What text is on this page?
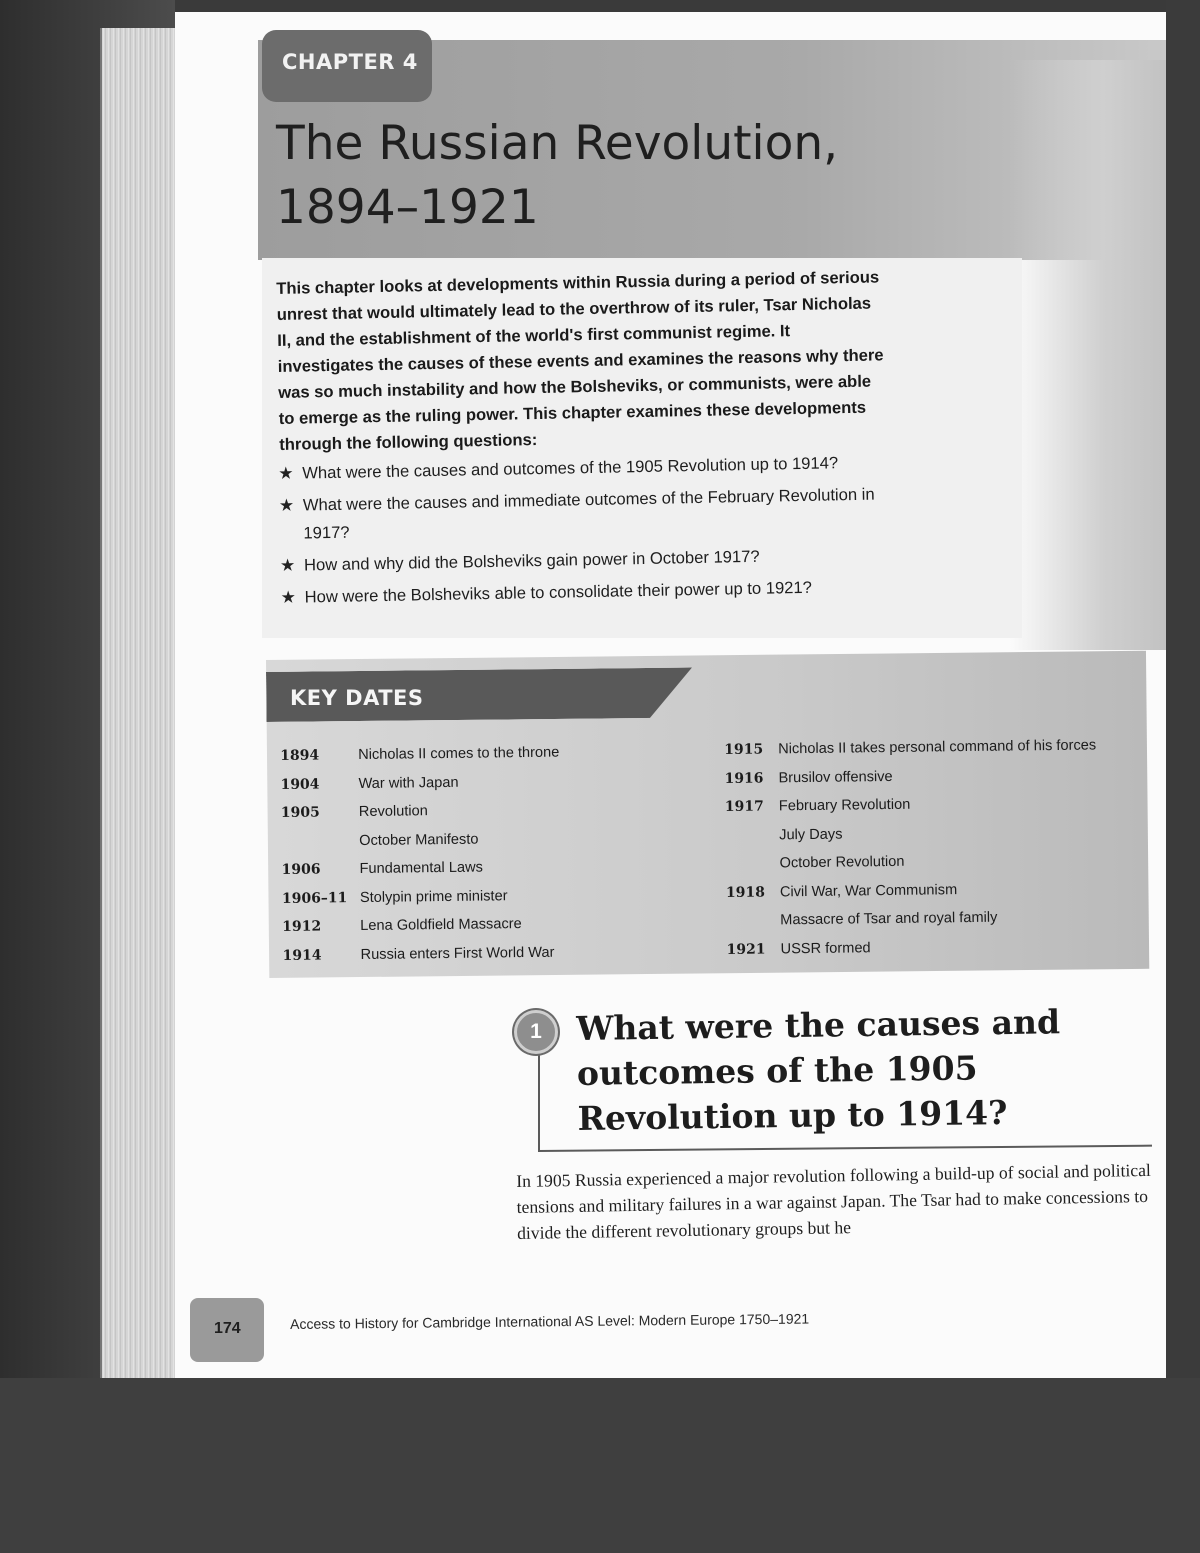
CHAPTER 4
The Russian Revolution,
1894–1921

This chapter looks at developments within Russia during a period of serious unrest that would ultimately lead to the overthrow of its ruler, Tsar Nicholas II, and the establishment of the world's first communist regime. It investigates the causes of these events and examines the reasons why there was so much instability and how the Bolsheviks, or communists, were able to emerge as the ruling power. This chapter examines these developments through the following questions:

★ What were the causes and outcomes of the 1905 Revolution up to 1914?
★ What were the causes and immediate outcomes of the February Revolution in 1917?
★ How and why did the Bolsheviks gain power in October 1917?
★ How were the Bolsheviks able to consolidate their power up to 1921?
KEY DATES
1894	Nicholas II comes to the throne
1904	War with Japan
1905	Revolution
October Manifesto
1906	Fundamental Laws
1906–11 Stolypin prime minister
1912	Lena Goldfield Massacre
1914	Russia enters First World War
1915	Nicholas II takes personal command of his forces
1916	Brusilov offensive
1917	February Revolution
July Days
October Revolution
1918	Civil War, War Communism
Massacre of Tsar and royal family
1921	USSR formed
1	What were the causes and
outcomes of the 1905
Revolution up to 1914?

In 1905 Russia experienced a major revolution following a build-up of social and political tensions and military failures in a war against Japan. The Tsar had to make concessions to divide the different revolutionary groups but he

174	Access to History for Cambridge International AS Level: Modern Europe 1750–1921
